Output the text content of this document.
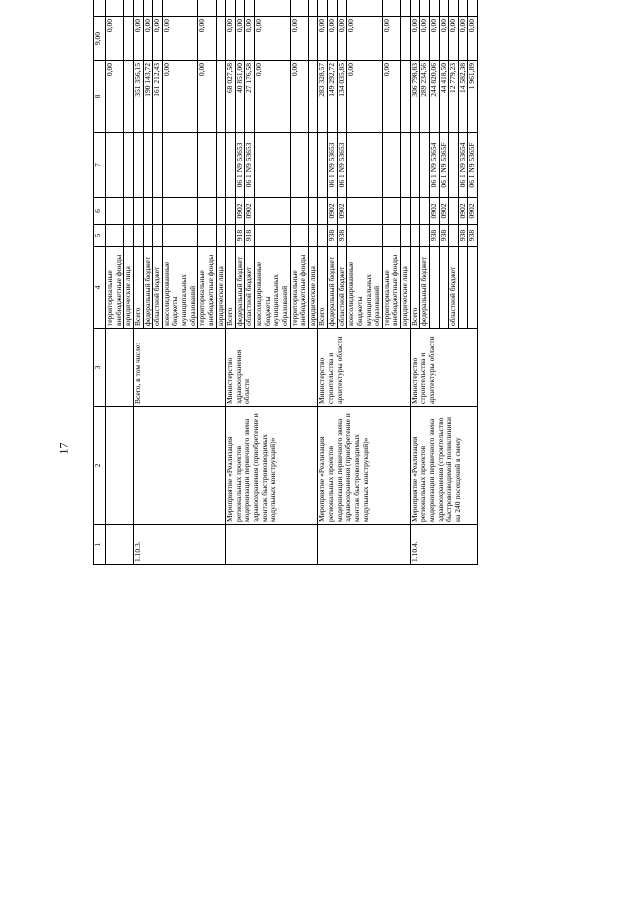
17
1	2	3	4	5	6	7	8	9,00				
			территориальные внебюджетные фонды				0,00	0,00				
			юридические лица									
1.10.3.		Всего, в том числе:	Всего				351 356,15	0,00				
			федеральный бюджет				190 143,72	0,00				
			областной бюджет				161 212,43	0,00				
			консолидированные бюджеты муниципальных образований				0,00	0,00				
			территориальные внебюджетные фонды				0,00	0,00				
			юридические лица									
	Мероприятие «Реализация региональных проектов модернизации первичного звена здравоохранения (приобретение и монтаж быстровозводимых модульных конструкций)»	Министерство здравоохранения области	Всего				68 027,58	0,00				
			федеральный бюджет	918	0902	06 1 N9 53653	40 851,00	0,00				
			областной бюджет	918	0902	06 1 N9 53653	27 176,58	0,00				
			консолидированные бюджеты муниципальных образований				0,00	0,00				
			территориальные внебюджетные фонды				0,00	0,00				
			юридические лица									
	Мероприятие «Реализация региональных проектов модернизации первичного звена здравоохранения (приобретение и монтаж быстровозводимых модульных конструкций)»	Министерство строительства и архитектуры области	Всего				283 328,57	0,00				
			федеральный бюджет	938	0902	06 1 N9 53653	149 292,72	0,00				
			областной бюджет	938	0902	06 1 N9 53653	134 035,85	0,00				
			консолидированные бюджеты муниципальных образований				0,00	0,00				
			территориальные внебюджетные фонды				0,00	0,00				
			юридические лица									
1.10.4.	Мероприятие «Реализация региональных проектов модернизации первичного звена здравоохранения (строительство быстровозводимой поликлиники на 240 посещений в смену	Министерство строительства и архитектуры области	Всего				306 798,83	0,00				
			федеральный бюджет				289 234,56	0,00				
				938	0902	06 1 N9 53654	244 820,06	0,00				
				938	0902	06 1 N9 5365F	44 418,50	0,00				
			областной бюджет				12 779,23	0,00				
				938	0902	06 1 N9 53654	14 582,38	0,00				
				938	0902	06 1 N9 5365F	1 961,89	0,00				
